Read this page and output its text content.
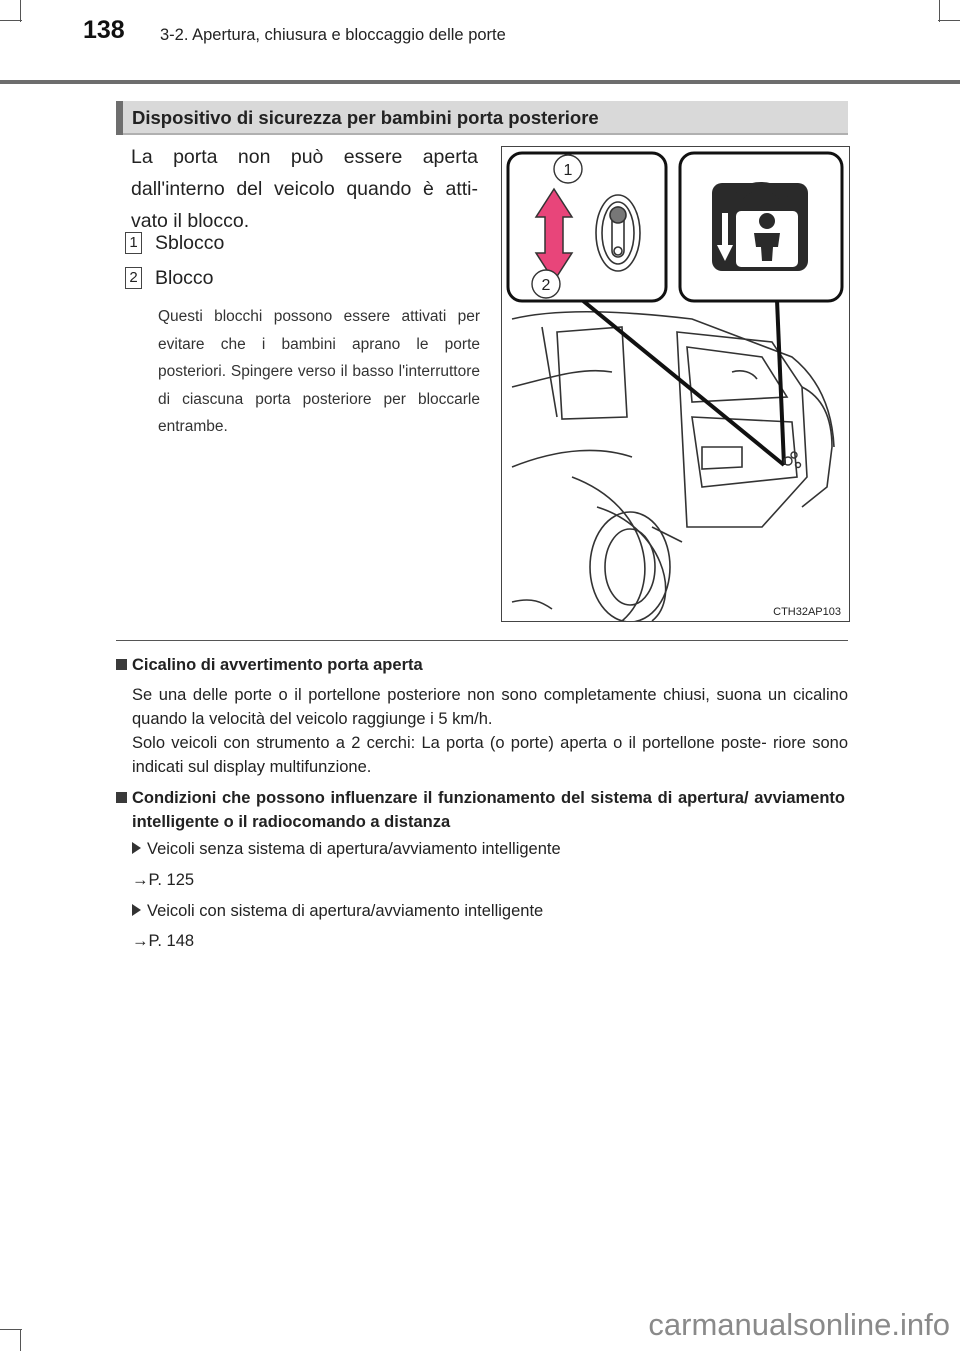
138 3-2. Apertura, chiusura e bloccaggio delle porte
Dispositivo di sicurezza per bambini porta posteriore
La porta non può essere aperta dall'interno del veicolo quando è atti- vato il blocco.
1 Sblocco
2 Blocco
Questi blocchi possono essere attivati per evitare che i bambini aprano le porte posteriori. Spingere verso il basso l'interruttore di ciascuna porta posteriore per bloccarle entrambe.
1
2
CTH32AP103
Cicalino di avvertimento porta aperta
Se una delle porte o il portellone posteriore non sono completamente chiusi, suona un cicalino quando la velocità del veicolo raggiunge i 5 km/h.
Solo veicoli con strumento a 2 cerchi: La porta (o porte) aperta o il portellone poste- riore sono indicati sul display multifunzione.
Condizioni che possono influenzare il funzionamento del sistema di apertura/ avviamento intelligente o il radiocomando a distanza
Veicoli senza sistema di apertura/avviamento intelligente
→P. 125
Veicoli con sistema di apertura/avviamento intelligente
→P. 148
carmanualsonline.info
